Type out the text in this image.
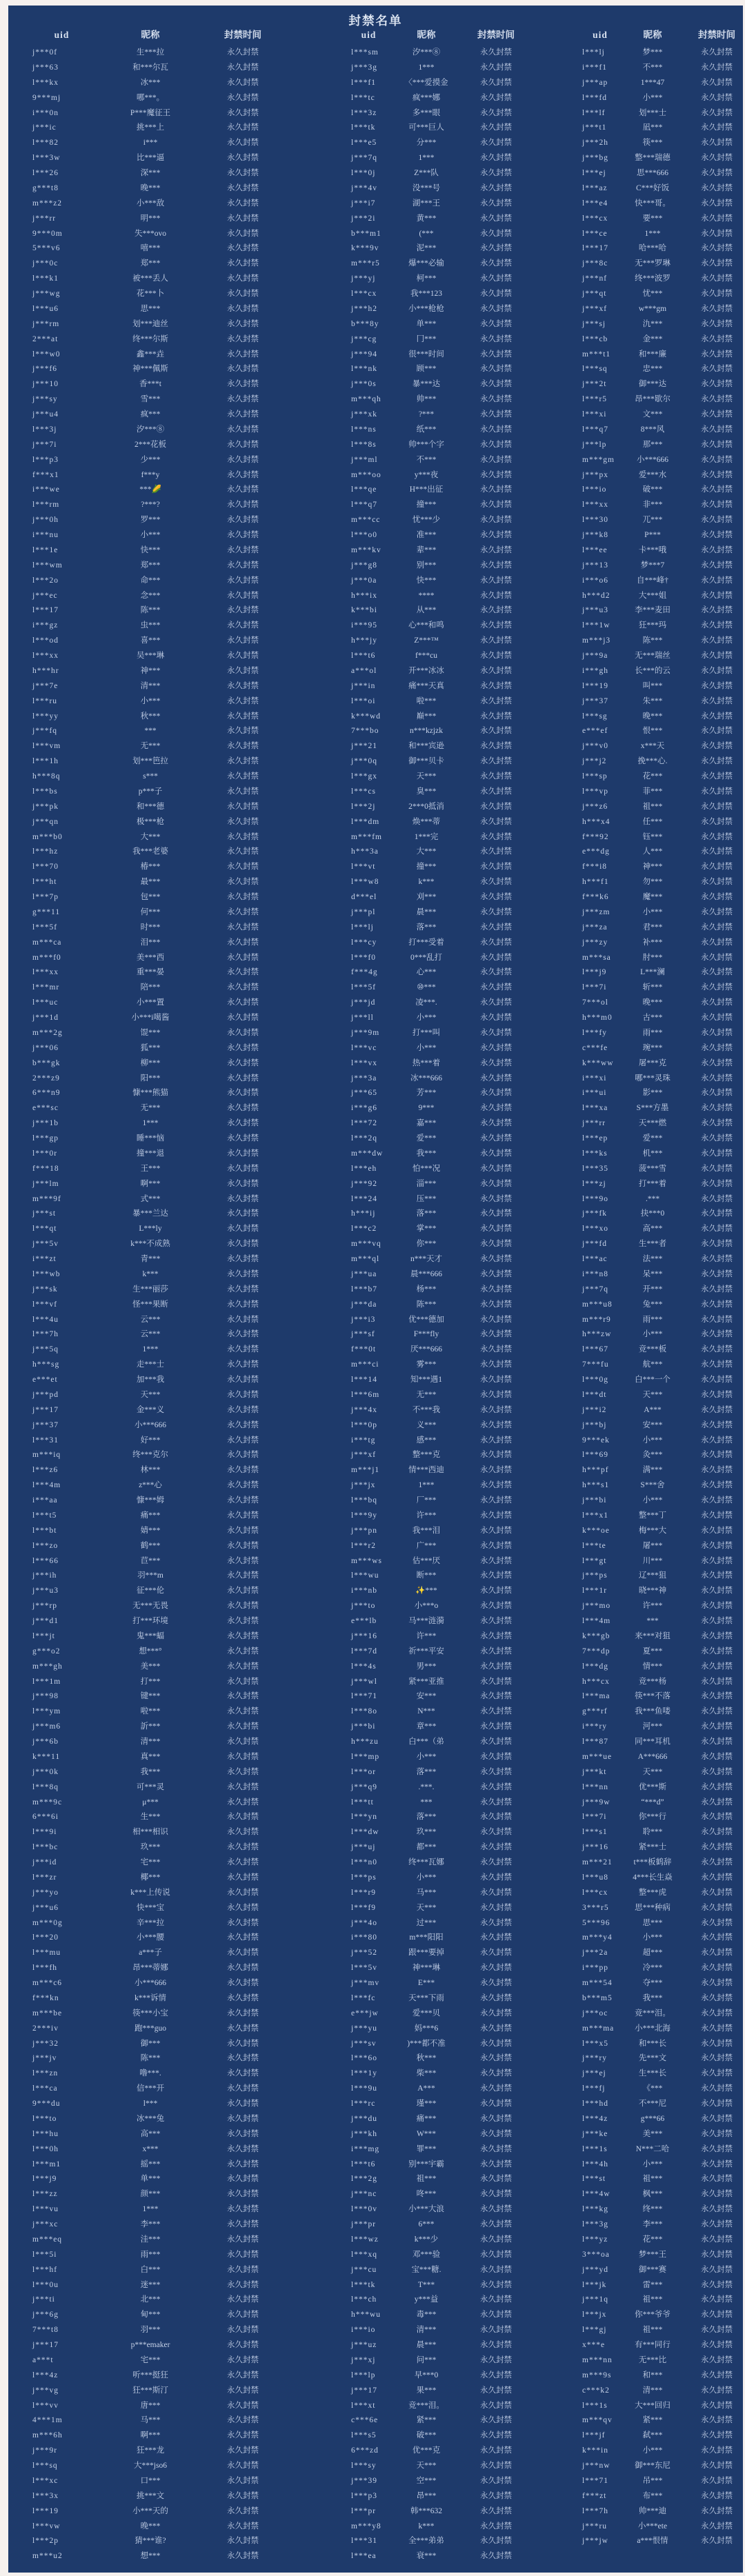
封禁名单
uid	昵称	封禁时间
j***0f	生***拉	永久封禁
j***63	和***尔瓦	永久封禁
l***kx	冰***	永久封禁
9***mj	哪***。	永久封禁
i***0n	P***魔征王	永久封禁
j***ic	挑***上	永久封禁
l***82	i***	永久封禁
l***3w	比***逼	永久封禁
l***26	深***	永久封禁
g***t8	晚***	永久封禁
m***z2	小***敌	永久封禁
j***rr	明***	永久封禁
9***0m	失***ovo	永久封禁
5***v6	嘻***	永久封禁
j***0c	郑***	永久封禁
l***k1	被***丢人	永久封禁
j***wg	花***卜	永久封禁
l***u6	思***	永久封禁
j***rm	划***迪丝	永久封禁
2***at	终***尔斯	永久封禁
l***w0	鑫***垚	永久封禁
j***f6	神***佩斯	永久封禁
j***10	香***t	永久封禁
j***sy	雪***	永久封禁
j***u4	疯***	永久封禁
l***3j	汐***⑧	永久封禁
j***7i	2***花板	永久封禁
l***p3	少***	永久封禁
f***x1	f***y	永久封禁
i***we	***🌽	永久封禁
l***rm	?***?	永久封禁
j***0h	罗***	永久封禁
i***nu	小***	永久封禁
l***1e	快***	永久封禁
l***wm	郑***	永久封禁
l***2o	命***	永久封禁
j***ec	念***	永久封禁
l***17	陈***	永久封禁
i***gz	虫***	永久封禁
l***od	喜***	永久封禁
l***xx	吴***琳	永久封禁
h***hr	神***	永久封禁
j***7e	清***	永久封禁
l***ru	小***	永久封禁
l***yy	秋***	永久封禁
j***fq	***	永久封禁
l***vm	无***	永久封禁
l***1h	划***笆拉	永久封禁
h***8q	s***	永久封禁
l***bs	p***子	永久封禁
j***pk	和***德	永久封禁
j***qn	极***枪	永久封禁
m***b0	大***	永久封禁
l***hz	我***老婆	永久封禁
l***70	椿***	永久封禁
l***ht	最***	永久封禁
l***7p	包***	永久封禁
g***11	何***	永久封禁
l***5f	时***	永久封禁
m***ca	泪***	永久封禁
m***f0	美***西	永久封禁
l***xx	重***晏	永久封禁
l***mr	陪***	永久封禁
l***uc	小***置	永久封禁
j***1d	小***i噶酱	永久封禁
m***2g	馄***	永久封禁
j***06	狐***	永久封禁
b***gk	柳***	永久封禁
2***z9	阳***	永久封禁
6***n9	慷***熊猫	永久封禁
e***sc	无***	永久封禁
j***1b	1***	永久封禁
l***gp	睡***恼	永久封禁
l***0r	撞***退	永久封禁
f***18	王***	永久封禁
j***lm	啊***	永久封禁
m***9f	式***	永久封禁
j***st	暴***兰达	永久封禁
l***qt	L***ly	永久封禁
j***5v	k***不成熟	永久封禁
i***zt	青***	永久封禁
l***wb	k***	永久封禁
j***sk	生***丽莎	永久封禁
l***vf	怪***果断	永久封禁
l***4u	云***	永久封禁
l***7h	云***	永久封禁
j***5q	1***	永久封禁
h***sg	走***士	永久封禁
e***et	加***我	永久封禁
j***pd	天***	永久封禁
j***17	金***义	永久封禁
j***37	小***666	永久封禁
l***31	好***	永久封禁
m***iq	终***克尔	永久封禁
l***z6	林***	永久封禁
l***4m	z***心	永久封禁
i***aa	慷***姆	永久封禁
l***t5	痛***	永久封禁
l***bt	婧***	永久封禁
l***zo	鹤***	永久封禁
l***66	苣***	永久封禁
j***ih	羽***m	永久封禁
j***u3	征***伦	永久封禁
j***rp	无***无畏	永久封禁
j***d1	打***环境	永久封禁
l***jt	鬼***蝠	永久封禁
g***o2	想***°	永久封禁
m***gh	美***	永久封禁
l***1m	打***	永久封禁
j***98	键***	永久封禁
l***ym	啦***	永久封禁
j***m6	訢***	永久封禁
j***6b	清***	永久封禁
k***11	真***	永久封禁
j***0k	我***	永久封禁
l***8q	可***灵	永久封禁
m***9c	μ***	永久封禁
6***6i	生***	永久封禁
l***9i	相***相识	永久封禁
l***bc	玖***	永久封禁
j***id	宅***	永久封禁
l***zr	椰***	永久封禁
j***yo	k***上传说	永久封禁
j***u6	快***宝	永久封禁
m***0g	辛***拉	永久封禁
l***20	小***腰	永久封禁
l***mu	a***子	永久封禁
l***fh	昂***蒂娜	永久封禁
m***c6	小***666	永久封禁
f***kn	k***诉情	永久封禁
m***be	筷***小宝	永久封禁
2***iv	跑***guo	永久封禁
j***32	御***	永久封禁
j***jv	陈***	永久封禁
l***zn	噜***.	永久封禁
l***ca	信***开	永久封禁
9***du	l***	永久封禁
l***to	冰***兔	永久封禁
l***hu	高***	永久封禁
l***0h	x***	永久封禁
l***m1	摇***	永久封禁
l***j9	单***	永久封禁
l***zz	颜***	永久封禁
l***vu	1***	永久封禁
j***xc	李***	永久封禁
m***eq	洼***	永久封禁
l***5i	雨***	永久封禁
l***hf	白***	永久封禁
l***0u	迷***	永久封禁
j***ti	北***	永久封禁
j***6g	甸***	永久封禁
7***t8	羽***	永久封禁
j***17	p***emaker	永久封禁
a***t	宅***	永久封禁
l***4z	听***挺狂	永久封禁
j***vg	狂***斯汀	永久封禁
l***vv	唐***	永久封禁
4***1m	马***	永久封禁
m***6h	啊***	永久封禁
j***9r	狂***龙	永久封禁
l***sq	大***jso6	永久封禁
l***xc	口***	永久封禁
l***3x	挑***文	永久封禁
l***19	小***天的	永久封禁
l***vw	晚***	永久封禁
l***2p	猜***谁?	永久封禁
m***u2	想***	永久封禁
uid	昵称	封禁时间
l***sm	汐***⑧	永久封禁
j***3g	1***	永久封禁
l***f1	〈***爱摸金	永久封禁
l***tc	疯***娜	永久封禁
l***3z	多***眼	永久封禁
l***tk	可***巨人	永久封禁
l***e5	分***	永久封禁
j***7q	1***	永久封禁
l***0j	Z***队	永久封禁
j***4v	没***号	永久封禁
j***i7	湖***王	永久封禁
j***2i	黄***	永久封禁
b***m1	(***	永久封禁
k***9v	泥***	永久封禁
m***r5	爆***必输	永久封禁
j***yj	柯***	永久封禁
l***cx	我***123	永久封禁
j***h2	小***枪枪	永久封禁
b***8y	单***	永久封禁
j***cg	冂***	永久封禁
j***94	很***时间	永久封禁
l***nk	顾***	永久封禁
j***0s	暴***达	永久封禁
m***qh	帅***	永久封禁
j***xk	?***	永久封禁
l***ns	纸***	永久封禁
l***8s	帅***个字	永久封禁
j***ml	不***	永久封禁
m***oo	y***夜	永久封禁
l***qe	H***出征	永久封禁
l***q7	撞***	永久封禁
m***cc	忧***少	永久封禁
l***o0	准***	永久封禁
m***kv	辈***	永久封禁
j***g8	别***	永久封禁
j***0a	快***	永久封禁
h***ix	****	永久封禁
k***bi	从***	永久封禁
i***95	心***和鸣	永久封禁
h***jy	Z***™	永久封禁
l***t6	f***cu	永久封禁
a***ol	开***冰冰	永久封禁
j***in	痛***天真	永久封禁
l***oi	啦***	永久封禁
k***wd	巅***	永久封禁
7***bo	n***kzjzk	永久封禁
j***21	和***宾逊	永久封禁
j***0q	御***贝卡	永久封禁
l***gx	天***	永久封禁
l***cs	臭***	永久封禁
l***2j	2***0抵消	永久封禁
l***dm	焕***蒂	永久封禁
m***fm	1***完	永久封禁
h***3a	大***	永久封禁
l***vt	撞***	永久封禁
l***w8	k***	永久封禁
d***el	刈***	永久封禁
j***pl	晨***	永久封禁
l***lj	落***	永久封禁
l***cy	打***受着	永久封禁
l***f0	0***乱打	永久封禁
f***4g	心***	永久封禁
l***5f	⑩***	永久封禁
j***jd	凌***.	永久封禁
j***ll	小***	永久封禁
j***9m	打***叫	永久封禁
l***vc	小***	永久封禁
l***vx	热***着	永久封禁
j***3a	冰***666	永久封禁
j***65	芳***	永久封禁
i***g6	9***	永久封禁
l***72	嘉***	永久封禁
l***2q	爱***	永久封禁
m***dw	我***	永久封禁
l***eh	怕***况	永久封禁
j***92	淄***	永久封禁
l***24	压***	永久封禁
h***ij	落***	永久封禁
l***c2	掌***	永久封禁
m***vq	你***	永久封禁
m***ql	n***天才	永久封禁
j***ua	晨***666	永久封禁
l***b7	杨***	永久封禁
j***da	陈***	永久封禁
j***i3	优***德加	永久封禁
j***sf	F***fly	永久封禁
f***0t	厌***666	永久封禁
m***ci	雾***	永久封禁
l***14	知***遇1	永久封禁
l***6m	无***	永久封禁
j***4x	不***我	永久封禁
l***0p	义***	永久封禁
i***tg	感***	永久封禁
j***xf	整***克	永久封禁
m***j1	情***西迪	永久封禁
j***jx	1***	永久封禁
l***bq	厂***	永久封禁
l***9y	许***	永久封禁
j***pn	我***泪	永久封禁
l***r2	广***	永久封禁
m***ws	估***厌	永久封禁
l***wu	断***	永久封禁
i***nb	✨***	永久封禁
j***to	小***o	永久封禁
e***lb	马***涟漪	永久封禁
j***16	许***	永久封禁
l***7d	祈***平安	永久封禁
l***4s	男***	永久封禁
j***wl	紧***亚推	永久封禁
l***71	安***	永久封禁
l***8o	N***	永久封禁
j***bi	章***	永久封禁
h***zu	白***（弟	永久封禁
l***mp	小***	永久封禁
l***or	落***	永久封禁
j***q9	.***.	永久封禁
l***tt	***	永久封禁
l***yn	落***	永久封禁
l***dw	玖***	永久封禁
j***uj	都***	永久封禁
l***n0	终***瓦娜	永久封禁
l***ps	小***	永久封禁
l***r9	马***	永久封禁
l***f9	天***	永久封禁
j***4o	过***	永久封禁
i***80	m***阳阳	永久封禁
j***52	跟***要掉	永久封禁
l***5v	神***琳	永久封禁
j***mv	E***	永久封禁
l***fc	天***下雨	永久封禁
e***jw	爱***贝	永久封禁
j***yu	妈***6	永久封禁
j***sv	)***都不准	永久封禁
l***6o	秋***	永久封禁
l***1y	柴***	永久封禁
l***9u	A***	永久封禁
l***rc	瑾***	永久封禁
j***du	痛***	永久封禁
j***kh	W***	永久封禁
i***mg	罪***	永久封禁
l***t6	别***宇霸	永久封禁
l***2g	祖***	永久封禁
j***nc	咚***	永久封禁
l***0v	小***大浪	永久封禁
j***pr	6***	永久封禁
l***wz	k***少	永久封禁
l***xq	邓***验	永久封禁
j***cu	宝***糖.	永久封禁
l***tk	T***	永久封禁
l***ch	y***益	永久封禁
h***wu	毒***	永久封禁
i***io	清***	永久封禁
j***uz	晨***	永久封禁
j***xj	问***	永久封禁
l***lp	早***0	永久封禁
j***17	果***	永久封禁
l***xt	竞***泪。	永久封禁
c***6e	紧***	永久封禁
l***s5	破***	永久封禁
6***zd	优***克	永久封禁
l***sy	天***	永久封禁
j***39	空***	永久封禁
l***p3	昂***	永久封禁
l***pr	韩***632	永久封禁
m***y8	k***	永久封禁
l***31	全***弟弟	永久封禁
l***ea	衰***	永久封禁
uid	昵称	封禁时间
l***lj	梦***	永久封禁
i***f1	不***	永久封禁
j***ap	1***47	永久封禁
l***fd	小***	永久封禁
l***lf	划***士	永久封禁
j***t1	凪***	永久封禁
j***2h	筷***	永久封禁
j***bg	整***瑞德	永久封禁
l***ej	思***666	永久封禁
l***az	C***好饭	永久封禁
l***e4	快***哥。	永久封禁
l***cx	要***	永久封禁
l***ce	1***	永久封禁
l***17	哈***哈	永久封禁
j***8c	无***罗琳	永久封禁
j***nf	终***波罗	永久封禁
j***qt	忧***	永久封禁
j***xf	w***gm	永久封禁
j***sj	氿***	永久封禁
l***cb	金***	永久封禁
m***t1	和***廉	永久封禁
l***sq	忠***	永久封禁
j***2t	御***达	永久封禁
l***r5	昂***歇尔	永久封禁
l***xi	文***	永久封禁
l***q7	8***风	永久封禁
j***lp	那***	永久封禁
m***gm	小***666	永久封禁
j***px	爱***水	永久封禁
l***io	破***	永久封禁
l***xx	非***	永久封禁
l***30	兀***	永久封禁
j***k8	P***	永久封禁
l***ee	卡***哦	永久封禁
j***13	梦***7	永久封禁
i***o6	自***峰†	永久封禁
h***d2	大***姐	永久封禁
j***u3	李***麦田	永久封禁
l***1w	狂***玛	永久封禁
m***j3	陈***	永久封禁
j***9a	无***瑞丝	永久封禁
i***gh	长***的云	永久封禁
l***19	叫***	永久封禁
j***37	朱***	永久封禁
l***sg	晚***	永久封禁
e***ef	恨***	永久封禁
j***v0	x***天	永久封禁
j***j2	挽***心.	永久封禁
l***sp	花***	永久封禁
l***vp	菲***	永久封禁
j***z6	祖***	永久封禁
h***x4	任***	永久封禁
f***92	钰***	永久封禁
e***dg	人***	永久封禁
f***i8	神***	永久封禁
h***f1	勿***	永久封禁
f***k6	魔***	永久封禁
j***zm	小***	永久封禁
j***za	君***	永久封禁
j***zy	补***	永久封禁
m***sa	肘***	永久封禁
l***j9	L***澜	永久封禁
l***7i	斩***	永久封禁
7***ol	晚***	永久封禁
h***m0	古***	永久封禁
l***fy	雨***	永久封禁
c***fe	琬***	永久封禁
k***ww	屠***克	永久封禁
i***xi	哪***灵珠	永久封禁
i***ui	影***	永久封禁
l***xa	S***方墨	永久封禁
j***rr	天***燃	永久封禁
l***ep	爱***	永久封禁
l***ks	机***	永久封禁
l***35	菠***雪	永久封禁
l***zj	打***着	永久封禁
l***9o	.***	永久封禁
j***fk	抉***0	永久封禁
l***xo	高***	永久封禁
j***fd	生***者	永久封禁
l***ac	法***	永久封禁
i***n8	呆***	永久封禁
j***7q	开***	永久封禁
m***u8	兔***	永久封禁
m***r9	雨***	永久封禁
h***zw	小***	永久封禁
l***67	竞***板	永久封禁
7***fu	航***	永久封禁
l***0g	白***一个	永久封禁
l***dt	天***	永久封禁
j***i2	A***	永久封禁
j***bj	安***	永久封禁
9***ek	小***	永久封禁
l***69	灸***	永久封禁
h***pf	满***	永久封禁
h***s1	S***舍	永久封禁
j***bi	小***	永久封禁
l***x1	整***丁	永久封禁
k***oe	梅***大	永久封禁
l***te	屠***	永久封禁
l***gt	川***	永久封禁
j***ps	辽***狙	永久封禁
l***1r	晓***神	永久封禁
j***mo	许***	永久封禁
l***4m	***	永久封禁
k***gb	来***对狙	永久封禁
7***dp	夏***	永久封禁
l***dg	情***	永久封禁
h***cx	竞***杨	永久封禁
l***ma	筷***不落	永久封禁
g***rf	我***鱼喽	永久封禁
i***ry	河***	永久封禁
l***87	同***耳机	永久封禁
m***ue	A***666	永久封禁
j***kt	天***	永久封禁
l***nn	优***斯	永久封禁
j***9w	“***d”	永久封禁
l***7i	你***行	永久封禁
l***s1	聆***	永久封禁
j***16	紧***士	永久封禁
m***21	t***板鹤辞	永久封禁
l***u8	4***长生焱	永久封禁
l***cx	整***虎	永久封禁
3***r5	思***种病	永久封禁
5***96	思***	永久封禁
m***y4	小***	永久封禁
j***2a	超***	永久封禁
i***pp	冷***	永久封禁
m***54	夺***	永久封禁
b***m5	我***	永久封禁
j***oc	竞***泪。	永久封禁
m***ma	小***北海	永久封禁
l***x5	和***长	永久封禁
j***ry	先***文	永久封禁
j***ej	生***长	永久封禁
l***fj	《***	永久封禁
l***hd	不***尼	永久封禁
l***4z	g***66	永久封禁
j***ke	美***	永久封禁
l***1s	N***二哈	永久封禁
l***4h	小***	永久封禁
l***st	祖***	永久封禁
l***4w	枫***	永久封禁
l***kg	终***	永久封禁
l***3g	李***	永久封禁
l***yz	花***	永久封禁
3***oa	梦***王	永久封禁
j***yd	御***赛	永久封禁
l***jk	雷***	永久封禁
j***1q	祖***	永久封禁
l***jx	你***爷爷	永久封禁
l***gj	祖***	永久封禁
x***e	有***同行	永久封禁
m***nn	无***比	永久封禁
m***9s	和***	永久封禁
c***k2	清***	永久封禁
l***1s	大***回归	永久封禁
m***qv	紧***	永久封禁
l***jf	弑***	永久封禁
k***in	小***	永久封禁
j***nw	御***东尼	永久封禁
l***71	吊***	永久封禁
f***zt	布***	永久封禁
l***7h	帅***迪	永久封禁
j***ru	小***ete	永久封禁
j***jw	a***恨情	永久封禁
